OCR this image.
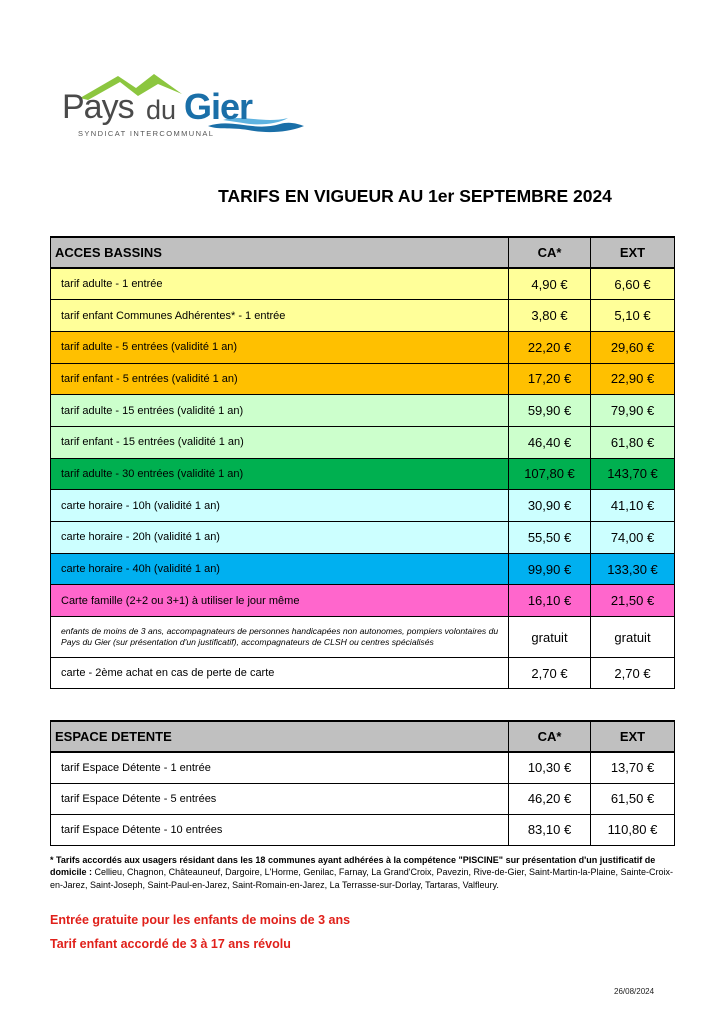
Pays du Gier
SYNDICAT INTERCOMMUNAL
TARIFS EN VIGUEUR AU 1er SEPTEMBRE 2024
ACCES BASSINS	CA*	EXT
tarif adulte - 1 entrée	4,90 €	6,60 €
tarif enfant Communes Adhérentes* - 1 entrée	3,80 €	5,10 €
tarif adulte - 5 entrées (validité 1 an)	22,20 €	29,60 €
tarif enfant - 5 entrées (validité 1 an)	17,20 €	22,90 €
tarif adulte - 15 entrées (validité 1 an)	59,90 €	79,90 €
tarif enfant - 15 entrées (validité 1 an)	46,40 €	61,80 €
tarif adulte - 30 entrées (validité 1 an)	107,80 €	143,70 €
carte horaire - 10h (validité 1 an)	30,90 €	41,10 €
carte horaire - 20h (validité 1 an)	55,50 €	74,00 €
carte horaire - 40h (validité 1 an)	99,90 €	133,30 €
Carte famille (2+2 ou 3+1) à utiliser le jour même	16,10 €	21,50 €
enfants de moins de 3 ans, accompagnateurs de personnes handicapées non autonomes, pompiers volontaires du Pays du Gier (sur présentation d'un justificatif), accompagnateurs de CLSH ou centres spécialisés	gratuit	gratuit
carte - 2ème achat en cas de perte de carte	2,70 €	2,70 €
ESPACE DETENTE	CA*	EXT
tarif Espace Détente - 1 entrée	10,30 €	13,70 €
tarif Espace Détente - 5 entrées	46,20 €	61,50 €
tarif Espace Détente - 10 entrées	83,10 €	110,80 €
* Tarifs accordés aux usagers résidant dans les 18 communes ayant adhérées à la compétence "PISCINE" sur présentation d'un justificatif de domicile : Cellieu, Chagnon, Châteauneuf, Dargoire, L'Horme, Genilac, Farnay, La Grand'Croix, Pavezin, Rive-de-Gier, Saint-Martin-la-Plaine, Sainte-Croix-en-Jarez, Saint-Joseph, Saint-Paul-en-Jarez, Saint-Romain-en-Jarez, La Terrasse-sur-Dorlay, Tartaras, Valfleury.
Entrée gratuite pour les enfants de moins de 3 ans
Tarif enfant accordé de 3 à 17 ans révolu
26/08/2024
